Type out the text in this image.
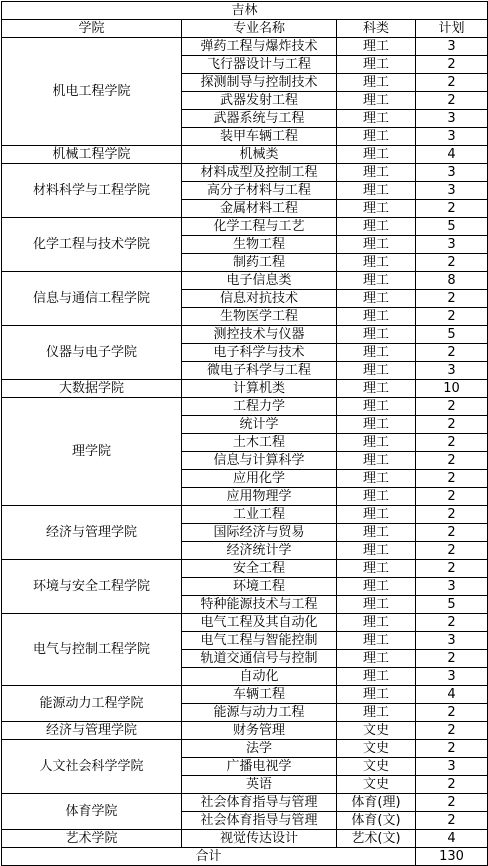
吉林			
学院	专业名称	科类	计划
机电工程学院	弹药工程与爆炸技术	理工	3
	飞行器设计与工程	理工	2
	探测制导与控制技术	理工	2
	武器发射工程	理工	2
	武器系统与工程	理工	3
	装甲车辆工程	理工	3
机械工程学院	机械类	理工	4
材料科学与工程学院	材料成型及控制工程	理工	3
	高分子材料与工程	理工	3
	金属材料工程	理工	2
化学工程与技术学院	化学工程与工艺	理工	5
	生物工程	理工	3
	制药工程	理工	2
信息与通信工程学院	电子信息类	理工	8
	信息对抗技术	理工	2
	生物医学工程	理工	2
仪器与电子学院	测控技术与仪器	理工	5
	电子科学与技术	理工	2
	微电子科学与工程	理工	3
大数据学院	计算机类	理工	10
理学院	工程力学	理工	2
	统计学	理工	2
	土木工程	理工	2
	信息与计算科学	理工	2
	应用化学	理工	2
	应用物理学	理工	2
经济与管理学院	工业工程	理工	2
	国际经济与贸易	理工	2
	经济统计学	理工	2
环境与安全工程学院	安全工程	理工	2
	环境工程	理工	3
	特种能源技术与工程	理工	5
电气与控制工程学院	电气工程及其自动化	理工	2
	电气工程与智能控制	理工	3
	轨道交通信号与控制	理工	2
	自动化	理工	3
能源动力工程学院	车辆工程	理工	4
	能源与动力工程	理工	2
经济与管理学院	财务管理	文史	2
人文社会科学学院	法学	文史	2
	广播电视学	文史	3
	英语	文史	2
体育学院	社会体育指导与管理	体育(理)	2
	社会体育指导与管理	体育(文)	2
艺术学院	视觉传达设计	艺术(文)	4
合计			130
